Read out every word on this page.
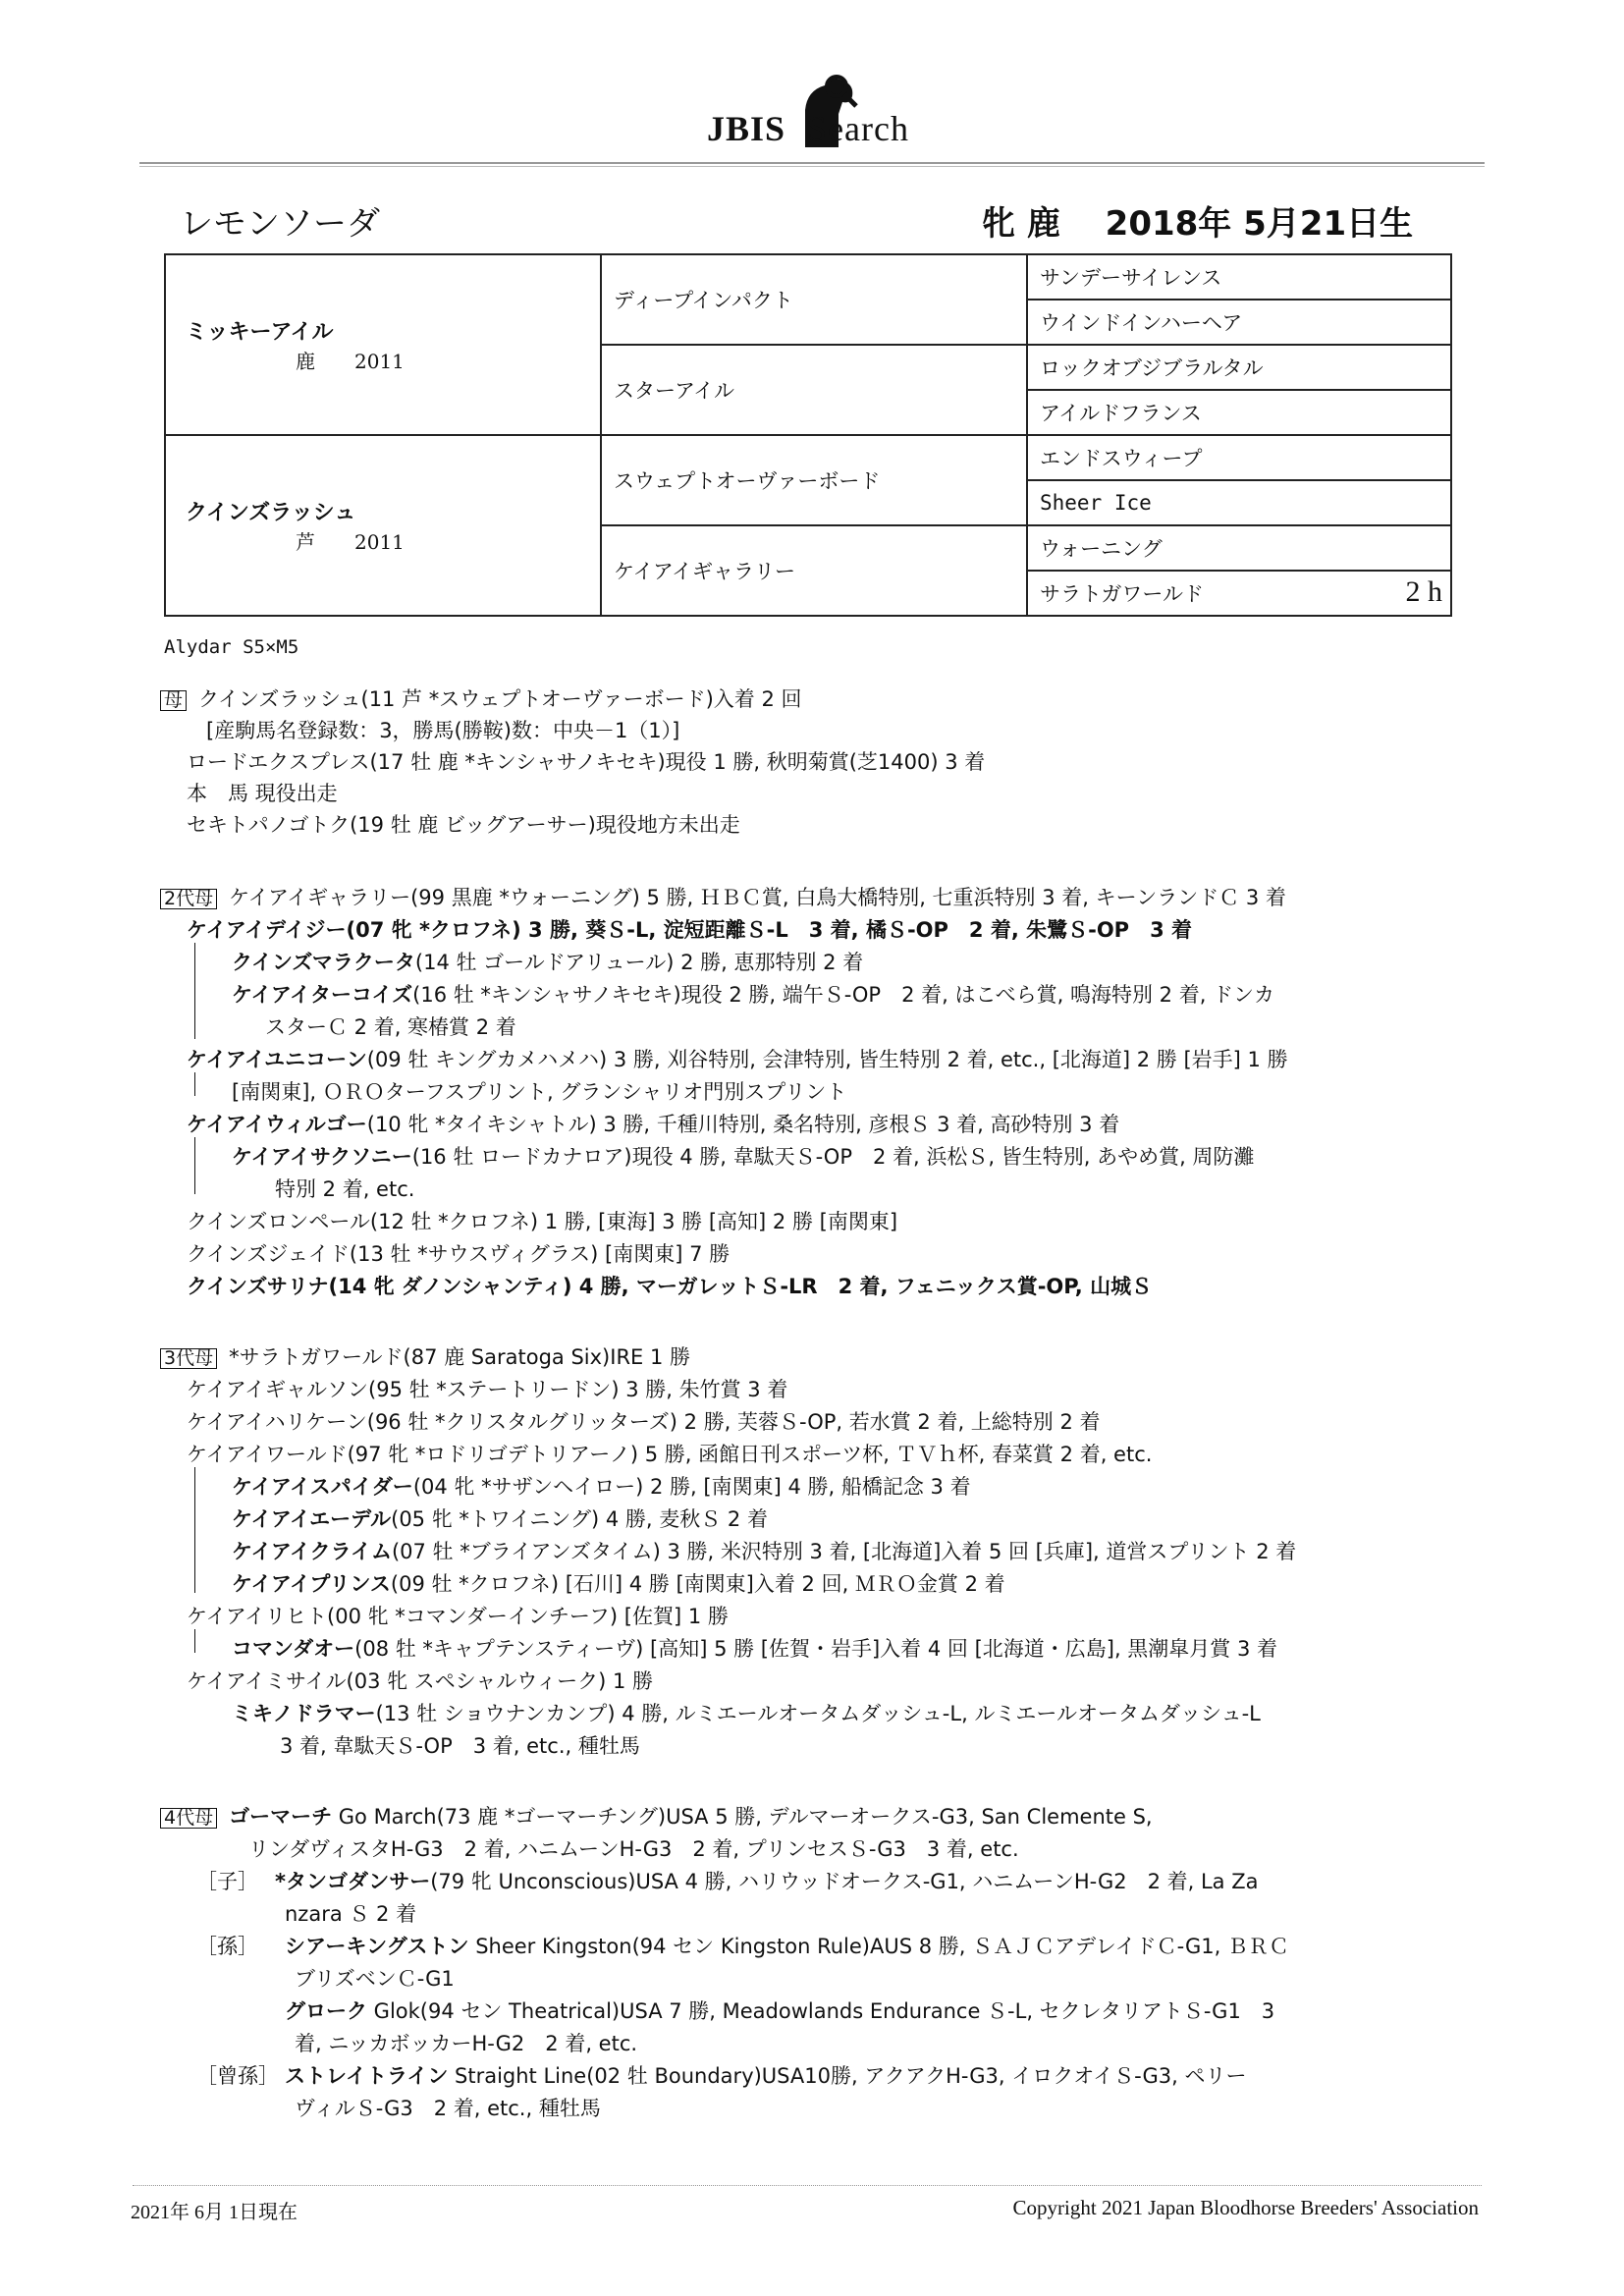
JBIS Search
レモンソーダ	牝 鹿　 2018年 5月21日生
ミッキーアイル
鹿　　2011	ディープインパクト	サンデーサイレンス
		ウインドインハーヘア
	スターアイル	ロックオブジブラルタル
		アイルドフランス

クインズラッシュ
芦　　2011	スウェプトオーヴァーボード	エンドスウィープ
		Sheer Ice
	ケイアイギャラリー	ウォーニング
		サラトガワールド 2 h
Alydar S5×M5
母 クインズラッシュ(11 芦 *スウェプトオーヴァーボード)入着 2 回
[産駒馬名登録数：3，勝馬(勝鞍)数：中央－1（1）]
ロードエクスプレス(17 牡 鹿 *キンシャサノキセキ)現役 1 勝, 秋明菊賞(芝1400) 3 着
本　馬 現役出走
セキトパノゴトク(19 牡 鹿 ビッグアーサー)現役地方未出走
2代母 ケイアイギャラリー(99 黒鹿 *ウォーニング) 5 勝, ＨＢＣ賞, 白鳥大橋特別, 七重浜特別 3 着, キーンランドＣ 3 着
ケイアイデイジー(07 牝 *クロフネ) 3 勝, 葵Ｓ-L, 淀短距離Ｓ-L　3 着, 橘Ｓ-OP　2 着, 朱鷺Ｓ-OP　3 着
クインズマラクータ(14 牡 ゴールドアリュール) 2 勝, 恵那特別 2 着
ケイアイターコイズ(16 牡 *キンシャサノキセキ)現役 2 勝, 端午Ｓ-OP　2 着, はこべら賞, 鳴海特別 2 着, ドンカ
スターＣ 2 着, 寒椿賞 2 着
ケイアイユニコーン(09 牡 キングカメハメハ) 3 勝, 刈谷特別, 会津特別, 皆生特別 2 着, etc., [北海道] 2 勝 [岩手] 1 勝
[南関東], ＯＲＯターフスプリント, グランシャリオ門別スプリント
ケイアイウィルゴー(10 牝 *タイキシャトル) 3 勝, 千種川特別, 桑名特別, 彦根Ｓ 3 着, 高砂特別 3 着
ケイアイサクソニー(16 牡 ロードカナロア)現役 4 勝, 韋駄天Ｓ-OP　2 着, 浜松Ｓ, 皆生特別, あやめ賞, 周防灘
特別 2 着, etc.
クインズロンペール(12 牡 *クロフネ) 1 勝, [東海] 3 勝 [高知] 2 勝 [南関東]
クインズジェイド(13 牡 *サウスヴィグラス) [南関東] 7 勝
クインズサリナ(14 牝 ダノンシャンティ) 4 勝, マーガレットＳ-LR　2 着, フェニックス賞-OP, 山城Ｓ
3代母 *サラトガワールド(87 鹿 Saratoga Six)IRE 1 勝
ケイアイギャルソン(95 牡 *ステートリードン) 3 勝, 朱竹賞 3 着
ケイアイハリケーン(96 牡 *クリスタルグリッターズ) 2 勝, 芙蓉Ｓ-OP, 若水賞 2 着, 上総特別 2 着
ケイアイワールド(97 牝 *ロドリゴデトリアーノ) 5 勝, 函館日刊スポーツ杯, ＴＶｈ杯, 春菜賞 2 着, etc.
ケイアイスパイダー(04 牝 *サザンヘイロー) 2 勝, [南関東] 4 勝, 船橋記念 3 着
ケイアイエーデル(05 牝 *トワイニング) 4 勝, 麦秋Ｓ 2 着
ケイアイクライム(07 牡 *ブライアンズタイム) 3 勝, 米沢特別 3 着, [北海道]入着 5 回 [兵庫], 道営スプリント 2 着
ケイアイプリンス(09 牡 *クロフネ) [石川] 4 勝 [南関東]入着 2 回, ＭＲＯ金賞 2 着
ケイアイリヒト(00 牝 *コマンダーインチーフ) [佐賀] 1 勝
コマンダオー(08 牡 *キャプテンスティーヴ) [高知] 5 勝 [佐賀・岩手]入着 4 回 [北海道・広島], 黒潮皐月賞 3 着
ケイアイミサイル(03 牝 スペシャルウィーク) 1 勝
ミキノドラマー(13 牡 ショウナンカンプ) 4 勝, ルミエールオータムダッシュ-L, ルミエールオータムダッシュ-L
3 着, 韋駄天Ｓ-OP　3 着, etc., 種牡馬
4代母 ゴーマーチ Go March(73 鹿 *ゴーマーチング)USA 5 勝, デルマーオークス-G3, San Clemente S,
リンダヴィスタH-G3　2 着, ハニムーンH-G3　2 着, プリンセスＳ-G3　3 着, etc.
［子］ *タンゴダンサー(79 牝 Unconscious)USA 4 勝, ハリウッドオークス-G1, ハニムーンH-G2　2 着, La Za
nzara Ｓ 2 着
［孫］ シアーキングストン Sheer Kingston(94 セン Kingston Rule)AUS 8 勝, ＳＡＪＣアデレイドＣ-G1, ＢＲＣ
ブリズベンＣ-G1
グローク Glok(94 セン Theatrical)USA 7 勝, Meadowlands Endurance Ｓ-L, セクレタリアトＳ-G1　3
着, ニッカボッカーH-G2　2 着, etc.
［曾孫］ ストレイトライン Straight Line(02 牡 Boundary)USA10勝, アクアクH-G3, イロクオイＳ-G3, ペリー
ヴィルＳ-G3　2 着, etc., 種牡馬
2021年 6月 1日現在	Copyright 2021 Japan Bloodhorse Breeders' Association
